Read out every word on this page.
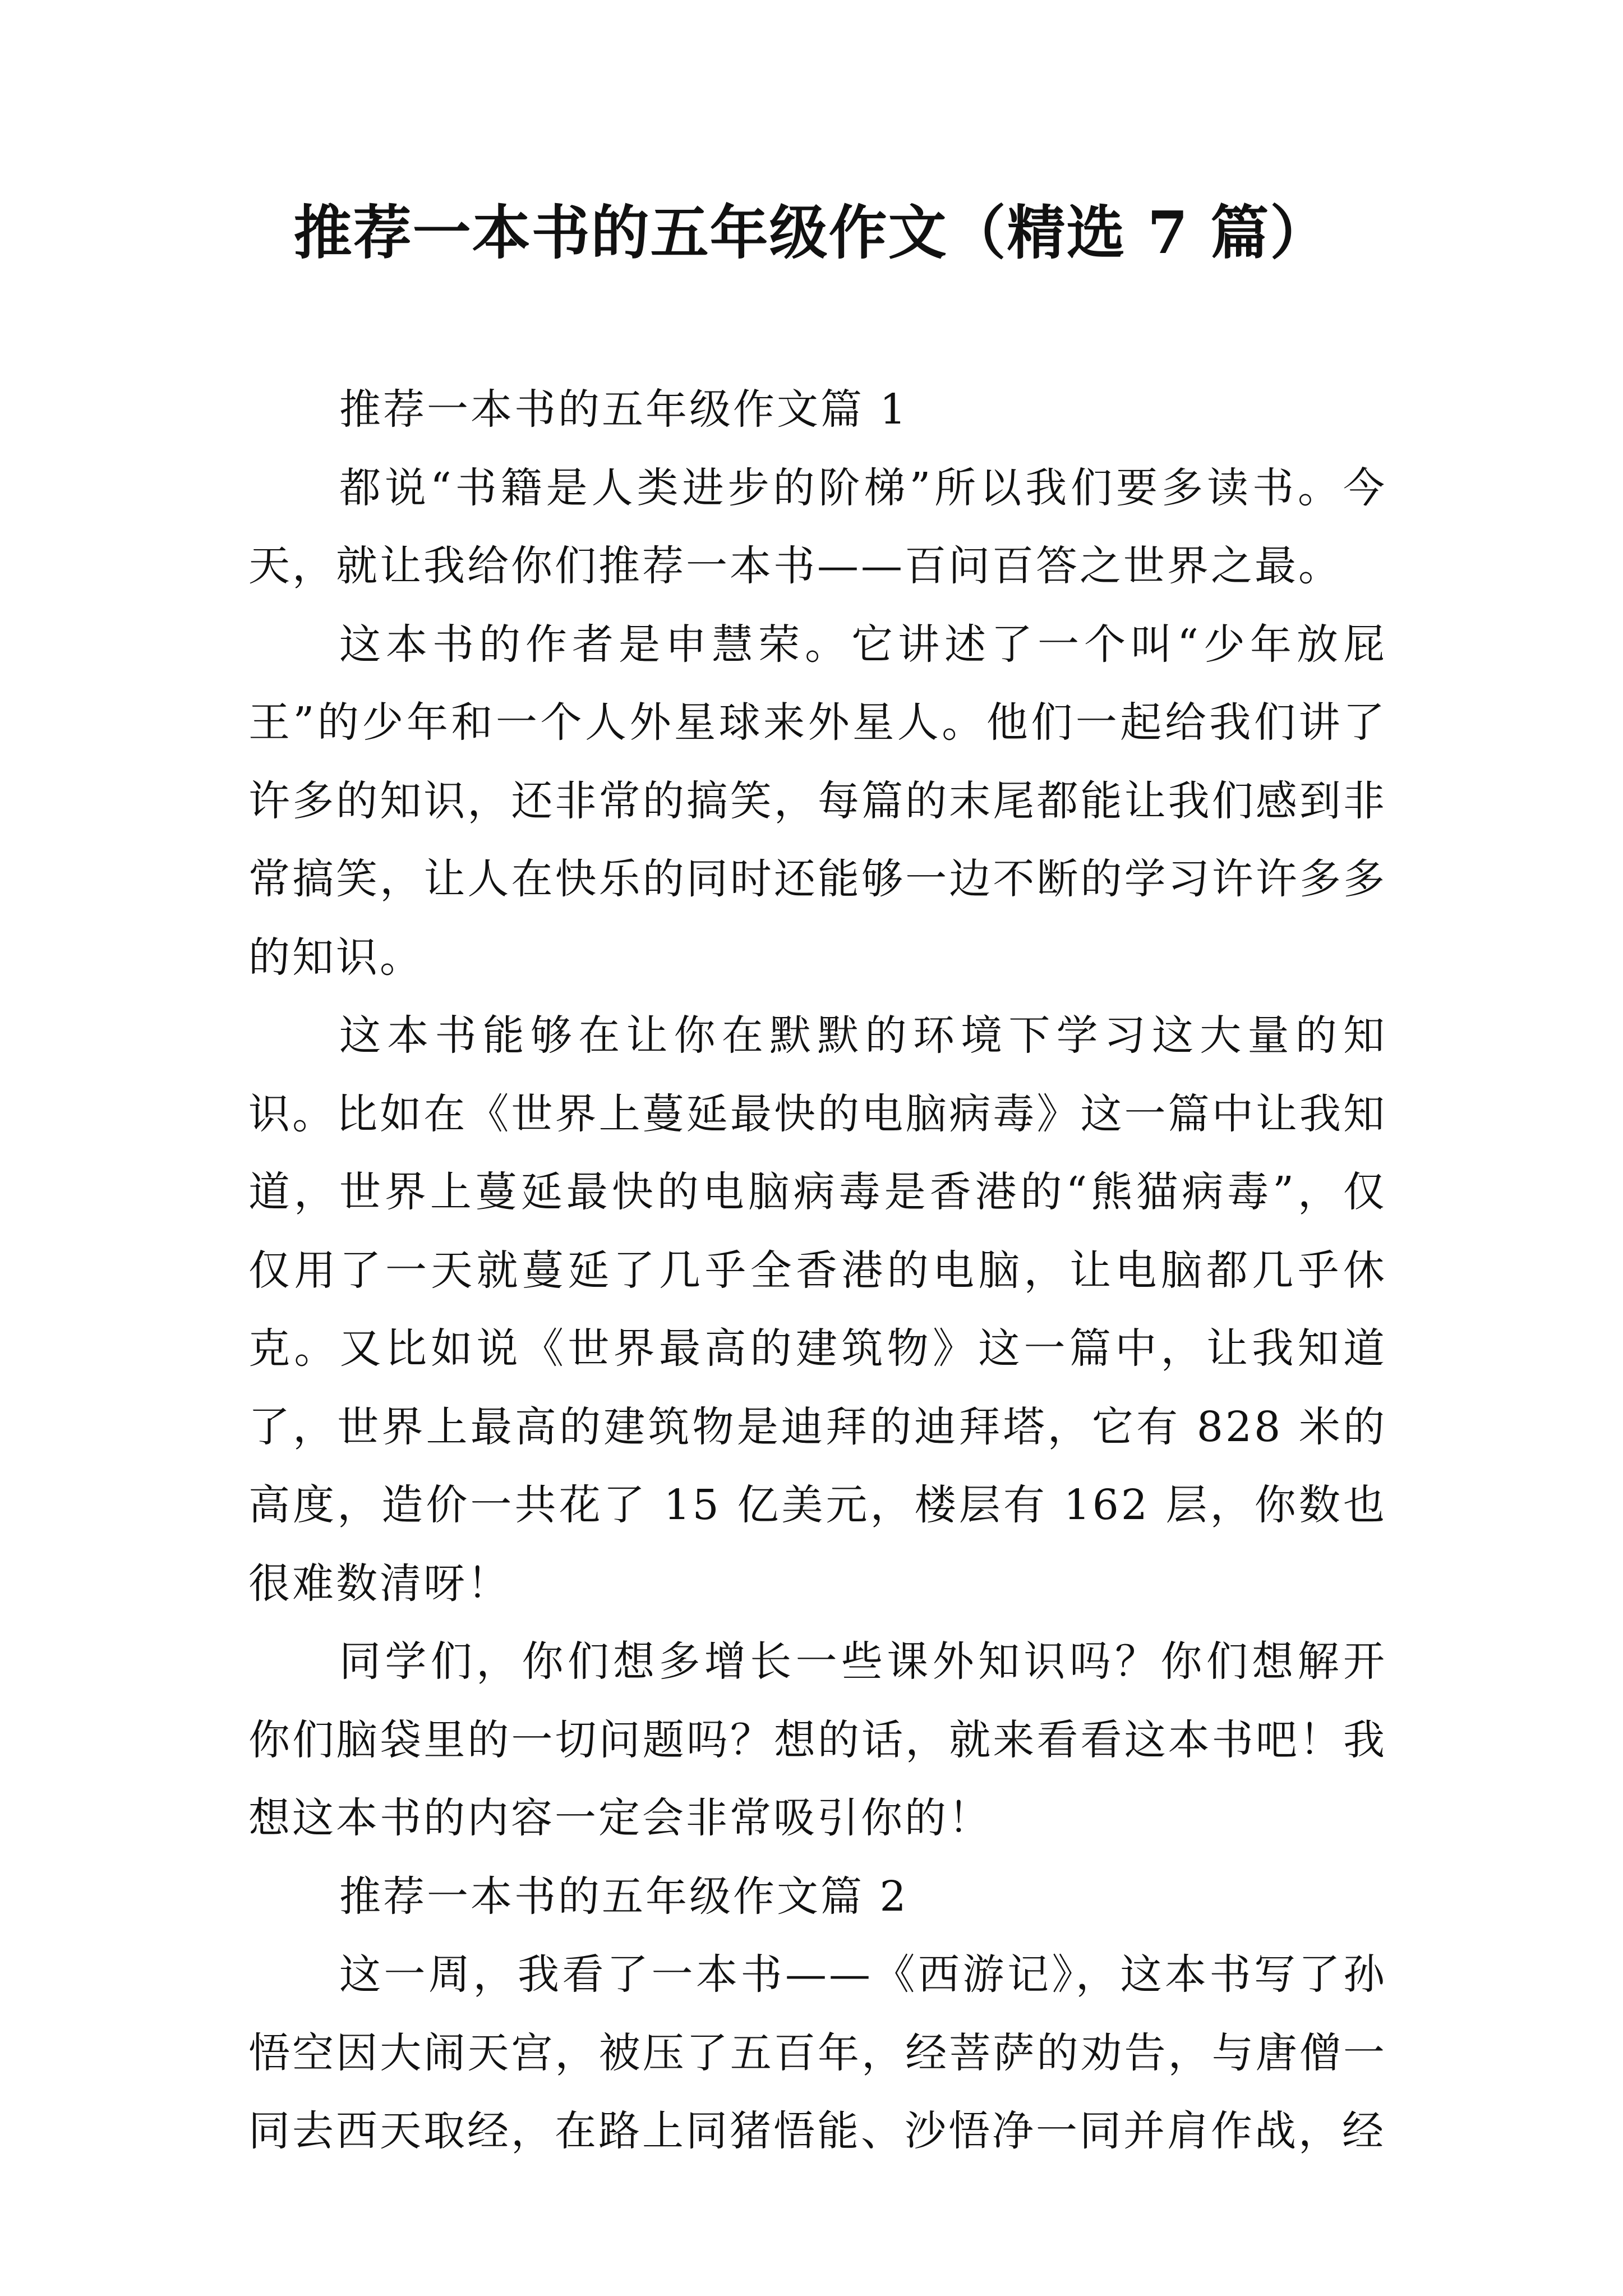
推荐一本书的五年级作文（精选 7 篇）

推荐一本书的五年级作文篇 1

都说“书籍是人类进步的阶梯”所以我们要多读书。今天，就让我给你们推荐一本书——百问百答之世界之最。

这本书的作者是申慧荣。它讲述了一个叫“少年放屁王”的少年和一个人外星球来外星人。他们一起给我们讲了许多的知识，还非常的搞笑，每篇的末尾都能让我们感到非常搞笑，让人在快乐的同时还能够一边不断的学习许许多多的知识。

这本书能够在让你在默默的环境下学习这大量的知识。比如在《世界上蔓延最快的电脑病毒》这一篇中让我知道，世界上蔓延最快的电脑病毒是香港的“熊猫病毒”，仅仅用了一天就蔓延了几乎全香港的电脑，让电脑都几乎休克。又比如说《世界最高的建筑物》这一篇中，让我知道了，世界上最高的建筑物是迪拜的迪拜塔，它有 828 米的高度，造价一共花了 15 亿美元，楼层有 162 层，你数也很难数清呀！

同学们，你们想多增长一些课外知识吗？你们想解开你们脑袋里的一切问题吗？想的话，就来看看这本书吧！我想这本书的内容一定会非常吸引你的！

推荐一本书的五年级作文篇 2

这一周，我看了一本书——《西游记》，这本书写了孙悟空因大闹天宫，被压了五百年，经菩萨的劝告，与唐僧一同去西天取经，在路上同猪悟能、沙悟净一同并肩作战，经
